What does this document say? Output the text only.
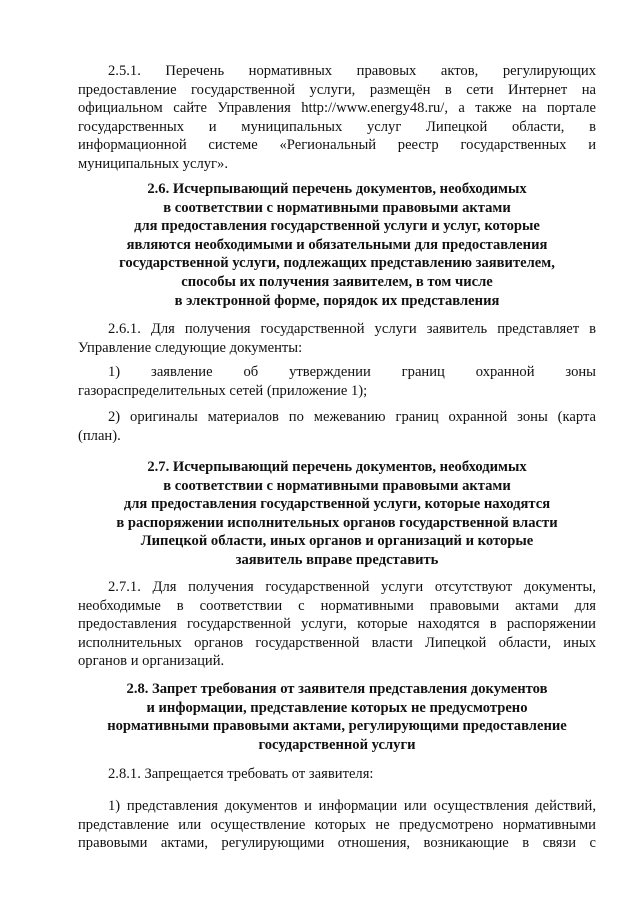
2.5.1. Перечень нормативных правовых актов, регулирующих
предоставление государственной услуги, размещён в сети Интернет на
официальном сайте Управления http://www.energy48.ru/, а также на портале
государственных и муниципальных услуг Липецкой области, в
информационной системе «Региональный реестр государственных и
муниципальных услуг».
2.6. Исчерпывающий перечень документов, необходимых
в соответствии с нормативными правовыми актами
для предоставления государственной услуги и услуг, которые
являются необходимыми и обязательными для предоставления
государственной услуги, подлежащих представлению заявителем,
способы их получения заявителем, в том числе
в электронной форме, порядок их представления
2.6.1. Для получения государственной услуги заявитель представляет в
Управление следующие документы:
1) заявление об утверждении границ охранной зоны
газораспределительных сетей (приложение 1);
2) оригиналы материалов по межеванию границ охранной зоны (карта
(план).
2.7. Исчерпывающий перечень документов, необходимых
в соответствии с нормативными правовыми актами
для предоставления государственной услуги, которые находятся
в распоряжении исполнительных органов государственной власти
Липецкой области, иных органов и организаций и которые
заявитель вправе представить
2.7.1. Для получения государственной услуги отсутствуют документы,
необходимые в соответствии с нормативными правовыми актами для
предоставления государственной услуги, которые находятся в распоряжении
исполнительных органов государственной власти Липецкой области, иных
органов и организаций.
2.8. Запрет требования от заявителя представления документов
и информации, представление которых не предусмотрено
нормативными правовыми актами, регулирующими предоставление
государственной услуги
2.8.1. Запрещается требовать от заявителя:
1) представления документов и информации или осуществления действий,
представление или осуществление которых не предусмотрено нормативными
правовыми актами, регулирующими отношения, возникающие в связи с
